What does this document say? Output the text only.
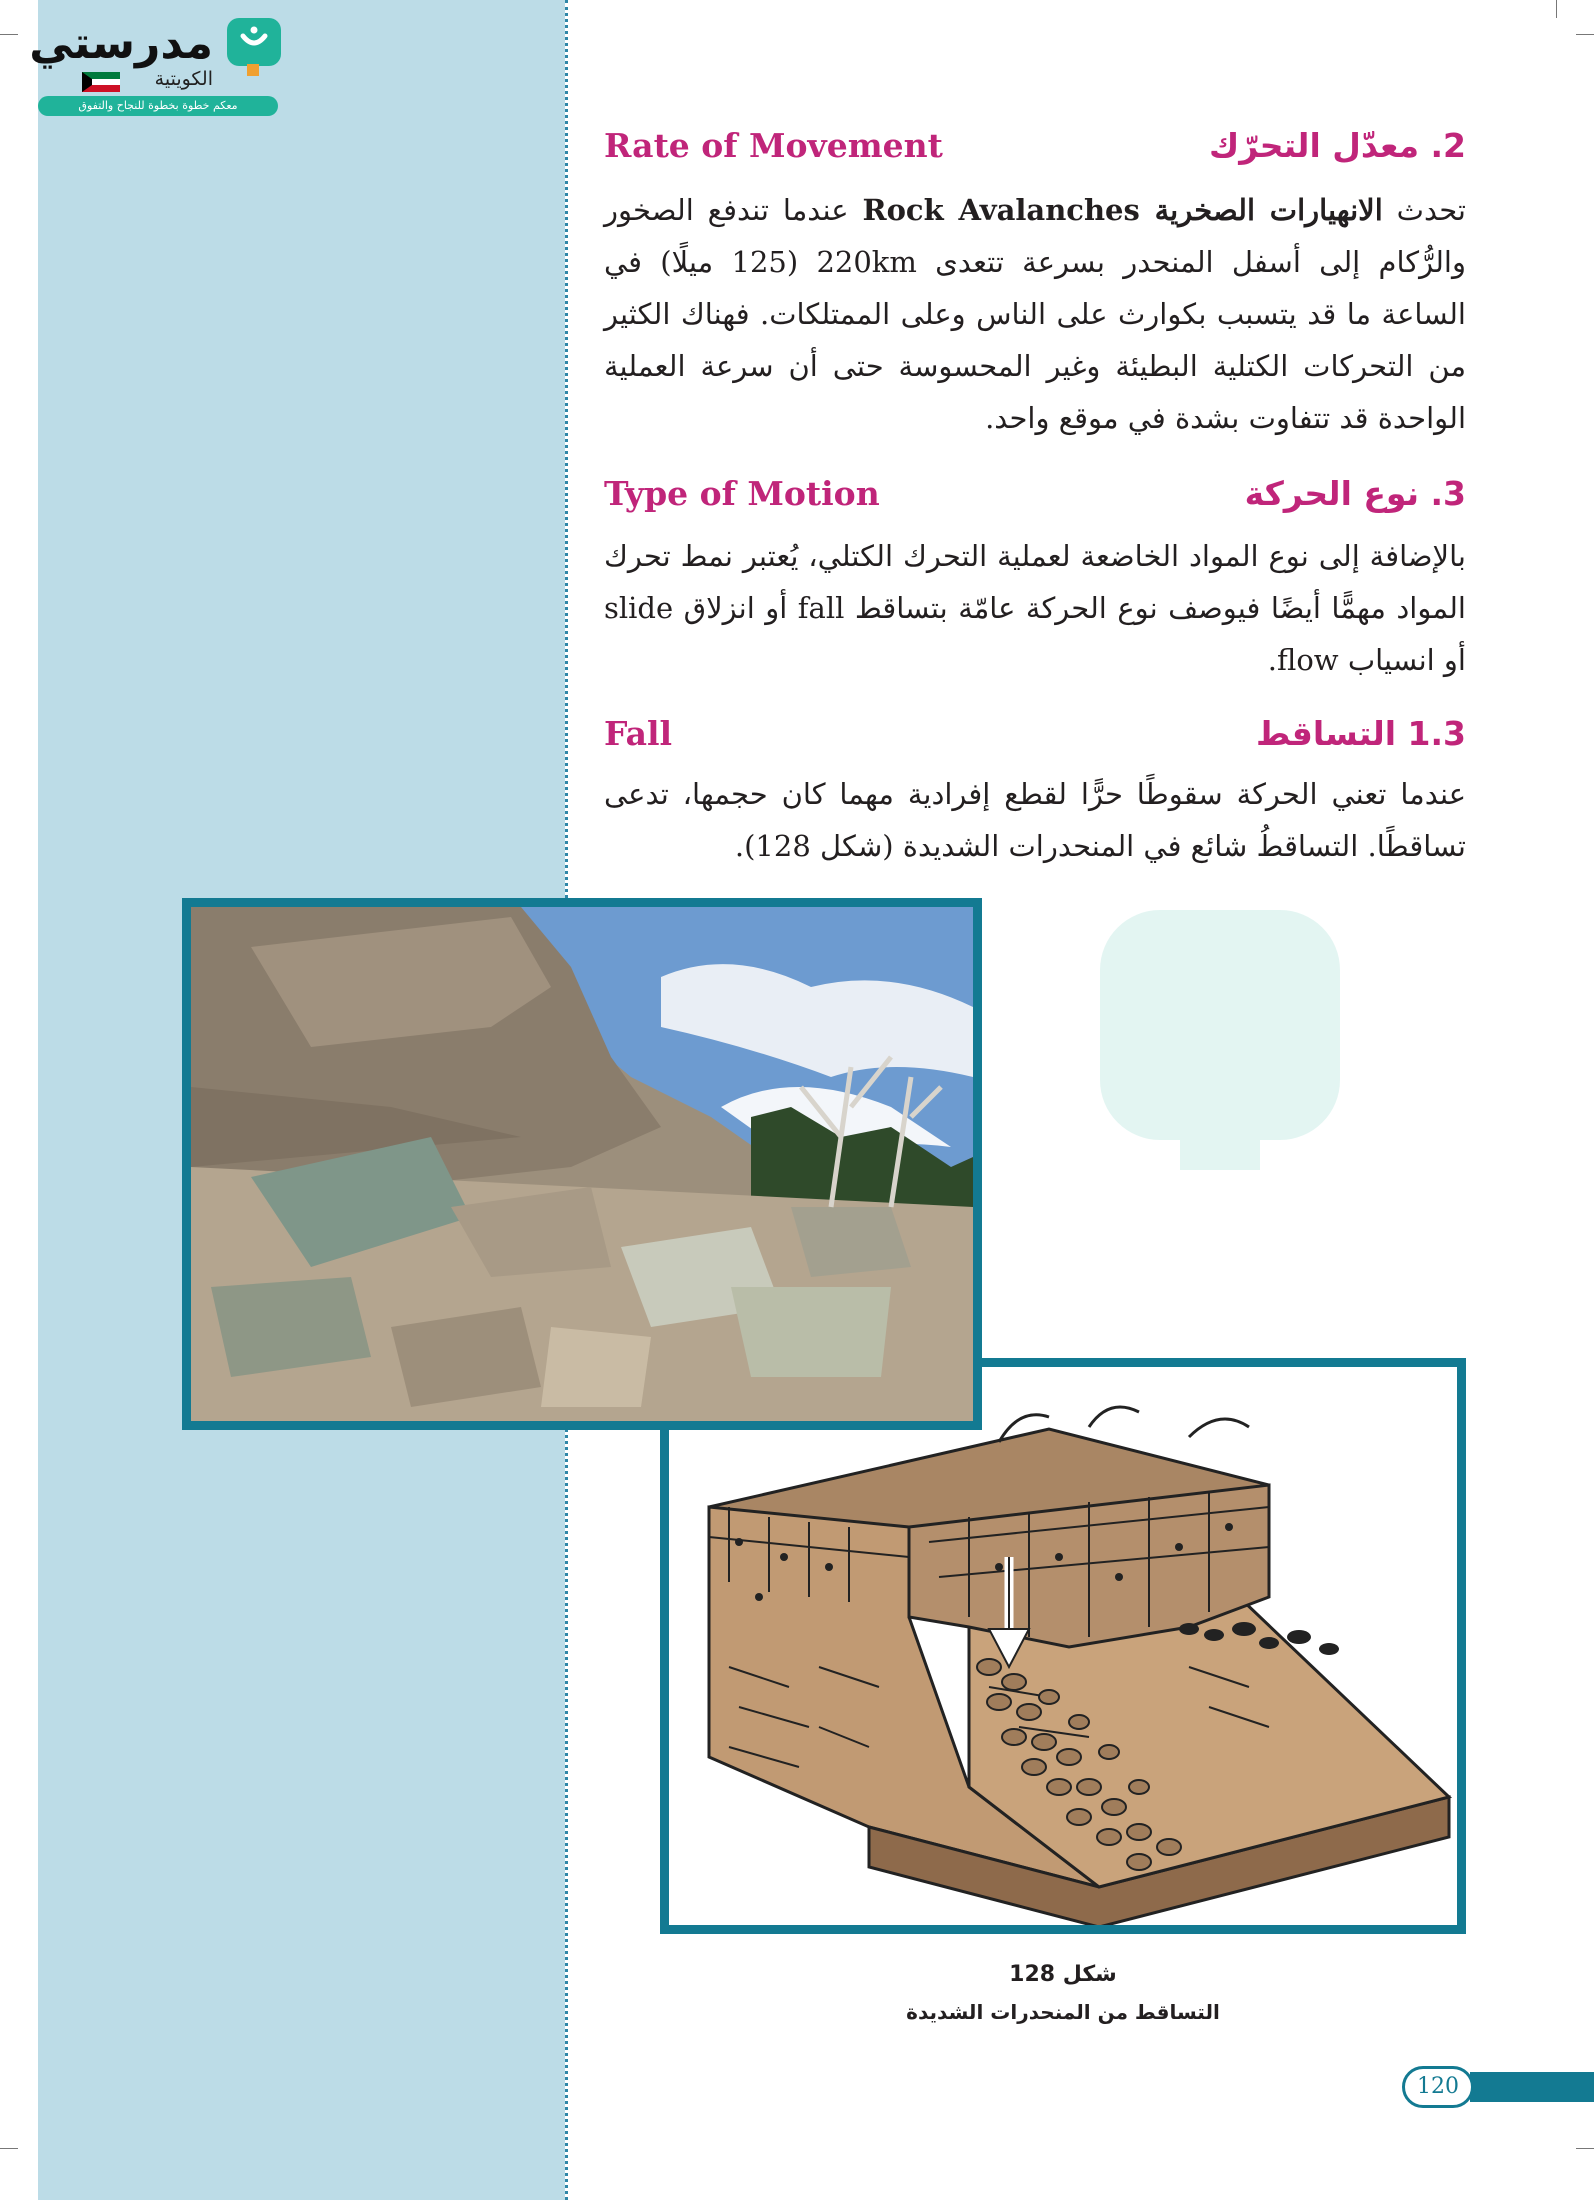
مدرستي
الكويتية
معكم خطوة بخطوة للنجاح والتفوق
Rate of Movement	2. معدّل التحرّك
تحدث الانهيارات الصخرية Rock Avalanches عندما تندفع الصخور والرُّكام إلى أسفل المنحدر بسرعة تتعدى 220km (125 ميلًا) في الساعة ما قد يتسبب بكوارث على الناس وعلى الممتلكات. فهناك الكثير من التحركات الكتلية البطيئة وغير المحسوسة حتى أن سرعة العملية الواحدة قد تتفاوت بشدة في موقع واحد.
Type of Motion	3. نوع الحركة
بالإضافة إلى نوع المواد الخاضعة لعملية التحرك الكتلي، يُعتبر نمط تحرك المواد مهمًّا أيضًا فيوصف نوع الحركة عامّة بتساقط fall أو انزلاق slide أو انسياب flow.
Fall	1.3 التساقط
عندما تعني الحركة سقوطًا حرًّا لقطع إفرادية مهما كان حجمها، تدعى تساقطًا. التساقطُ شائع في المنحدرات الشديدة (شكل 128).
شكل 128
التساقط من المنحدرات الشديدة
120
